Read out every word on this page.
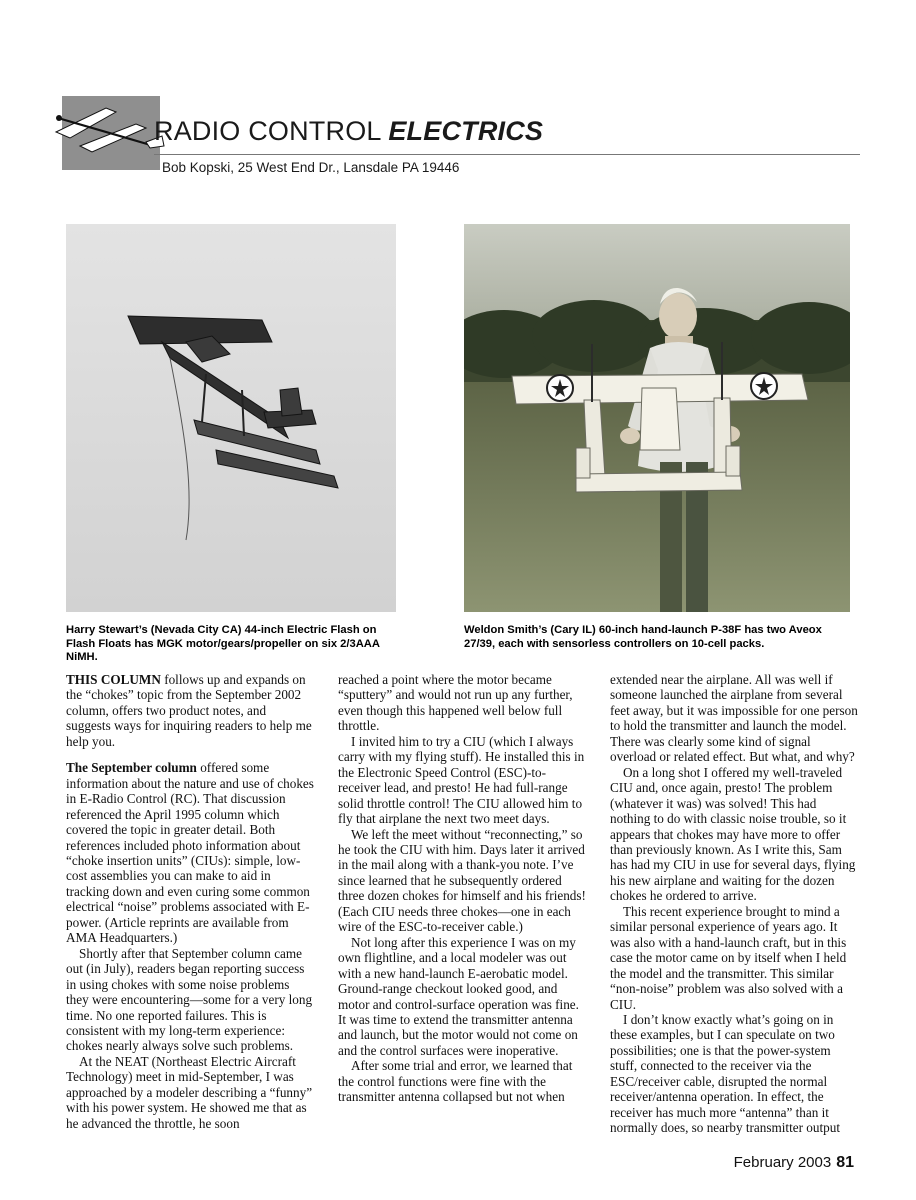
RADIO CONTROL ELECTRICS
Bob Kopski, 25 West End Dr., Lansdale PA 19446
Harry Stewart’s (Nevada City CA) 44-inch Electric Flash on Flash Floats has MGK motor/gears/propeller on six 2/3AAA NiMH.
Weldon Smith’s (Cary IL) 60-inch hand-launch P-38F has two Aveox 27/39, each with sensorless controllers on 10-cell packs.

THIS COLUMN follows up and expands on the “chokes” topic from the September 2002 column, offers two product notes, and suggests ways for inquiring readers to help me help you.

The September column offered some information about the nature and use of chokes in E-Radio Control (RC). That discussion referenced the April 1995 column which covered the topic in greater detail. Both references included photo information about “choke insertion units” (CIUs): simple, low-cost assemblies you can make to aid in tracking down and even curing some common electrical “noise” problems associated with E-power. (Article reprints are available from AMA Headquarters.)

Shortly after that September column came out (in July), readers began reporting success in using chokes with some noise problems they were encountering—some for a very long time. No one reported failures. This is consistent with my long-term experience: chokes nearly always solve such problems.

At the NEAT (Northeast Electric Aircraft Technology) meet in mid-September, I was approached by a modeler describing a “funny” with his power system. He showed me that as he advanced the throttle, he soon

reached a point where the motor became “sputtery” and would not run up any further, even though this happened well below full throttle.

I invited him to try a CIU (which I always carry with my flying stuff). He installed this in the Electronic Speed Control (ESC)-to-receiver lead, and presto! He had full-range solid throttle control! The CIU allowed him to fly that airplane the next two meet days.

We left the meet without “reconnecting,” so he took the CIU with him. Days later it arrived in the mail along with a thank-you note. I’ve since learned that he subsequently ordered three dozen chokes for himself and his friends! (Each CIU needs three chokes—one in each wire of the ESC-to-receiver cable.)

Not long after this experience I was on my own flightline, and a local modeler was out with a new hand-launch E-aerobatic model. Ground-range checkout looked good, and motor and control-surface operation was fine. It was time to extend the transmitter antenna and launch, but the motor would not come on and the control surfaces were inoperative.

After some trial and error, we learned that the control functions were fine with the transmitter antenna collapsed but not when

extended near the airplane. All was well if someone launched the airplane from several feet away, but it was impossible for one person to hold the transmitter and launch the model. There was clearly some kind of signal overload or related effect. But what, and why?

On a long shot I offered my well-traveled CIU and, once again, presto! The problem (whatever it was) was solved! This had nothing to do with classic noise trouble, so it appears that chokes may have more to offer than previously known. As I write this, Sam has had my CIU in use for several days, flying his new airplane and waiting for the dozen chokes he ordered to arrive.

This recent experience brought to mind a similar personal experience of years ago. It was also with a hand-launch craft, but in this case the motor came on by itself when I held the model and the transmitter. This similar “non-noise” problem was also solved with a CIU.

I don’t know exactly what’s going on in these examples, but I can speculate on two possibilities; one is that the power-system stuff, connected to the receiver via the ESC/receiver cable, disrupted the normal receiver/antenna operation. In effect, the receiver has much more “antenna” than it normally does, so nearby transmitter output

February 2003 81
